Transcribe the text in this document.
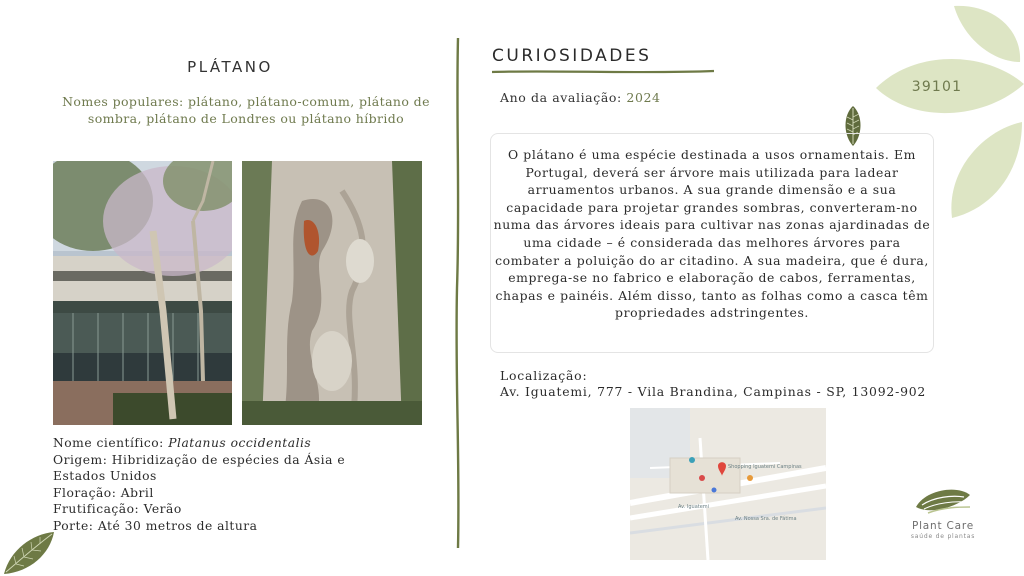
39101
PLÁTANO
Nomes populares: plátano, plátano-comum, plátano de sombra, plátano de Londres ou plátano híbrido

Nome científico: Platanus occidentalis

Origem: Hibridização de espécies da Ásia e Estados Unidos

Floração: Abril

Frutificação: Verão

Porte: Até 30 metros de altura

CURIOSIDADES
Ano da avaliação: 2024
O plátano é uma espécie destinada a usos ornamentais. Em Portugal, deverá ser árvore mais utilizada para ladear arruamentos urbanos. A sua grande dimensão e a sua capacidade para projetar grandes sombras, converteram-no numa das árvores ideais para cultivar nas zonas ajardinadas de uma cidade – é considerada das melhores árvores para combater a poluição do ar citadino. A sua madeira, que é dura, emprega-se no fabrico e elaboração de cabos, ferramentas, chapas e painéis. Além disso, tanto as folhas como a casca têm propriedades adstringentes.
Localização:
Av. Iguatemi, 777 - Vila Brandina, Campinas - SP, 13092-902
Shopping Iguatemi Campinas
Av. Iguatemi
Av. Nossa Sra. de Fátima
Plant Care
saúde de plantas
